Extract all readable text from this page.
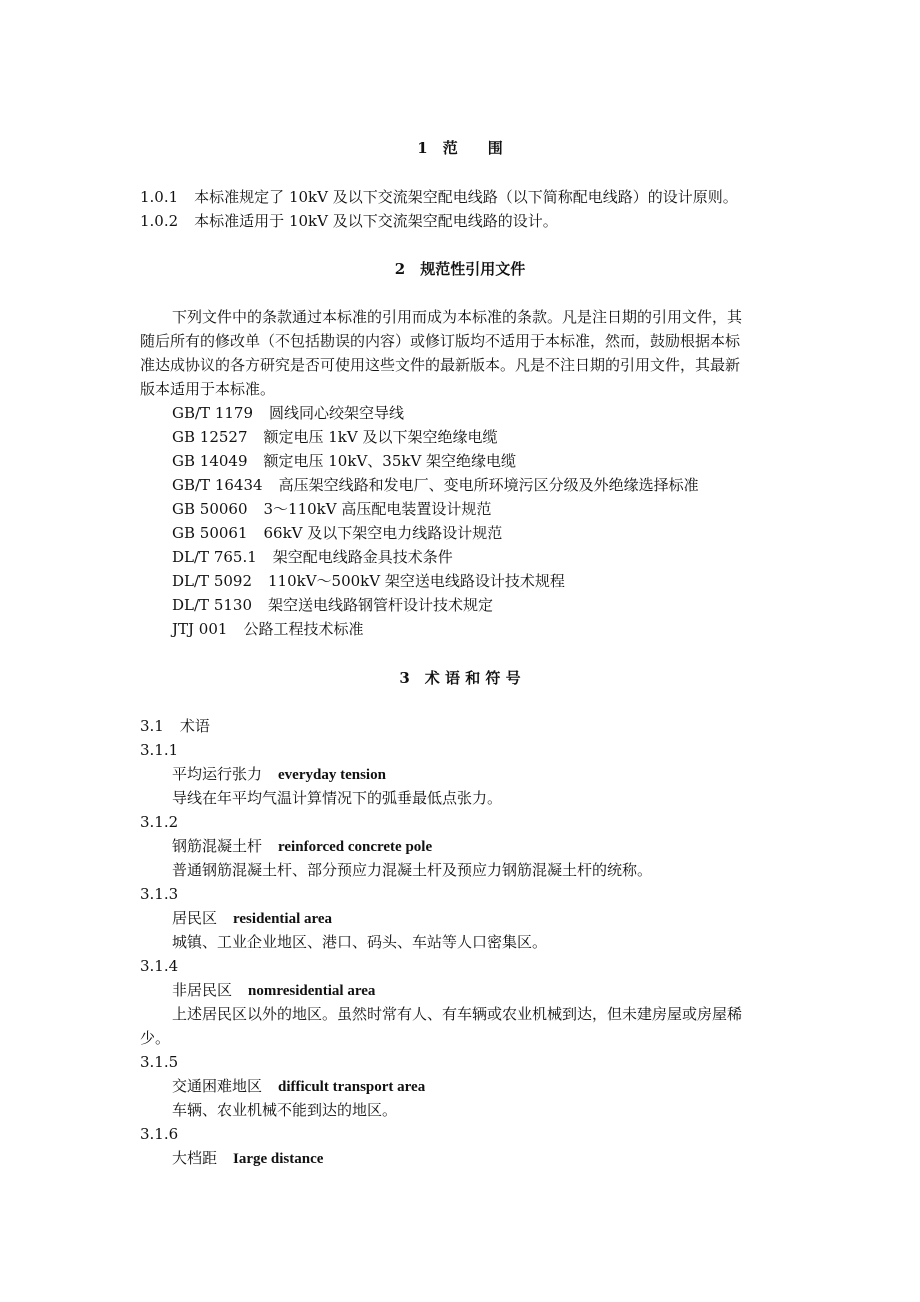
1　范　　围
1.0.1 本标准规定了 10kV 及以下交流架空配电线路（以下简称配电线路）的设计原则。
1.0.2 本标准适用于 10kV 及以下交流架空配电线路的设计。
2　规范性引用文件
下列文件中的条款通过本标准的引用而成为本标准的条款。凡是注日期的引用文件，其
随后所有的修改单（不包括勘误的内容）或修订版均不适用于本标准，然而，鼓励根据本标
准达成协议的各方研究是否可使用这些文件的最新版本。凡是不注日期的引用文件，其最新
版本适用于本标准。
GB/T 1179 圆线同心绞架空导线
GB 12527 额定电压 1kV 及以下架空绝缘电缆
GB 14049 额定电压 10kV、35kV 架空绝缘电缆
GB/T 16434 高压架空线路和发电厂、变电所环境污区分级及外绝缘选择标准
GB 50060 3～110kV 高压配电装置设计规范
GB 50061 66kV 及以下架空电力线路设计规范
DL/T 765.1 架空配电线路金具技术条件
DL/T 5092 110kV～500kV 架空送电线路设计技术规程
DL/T 5130 架空送电线路钢管杆设计技术规定
JTJ 001 公路工程技术标准
3　术 语 和 符 号
3.1 术语
3.1.1
平均运行张力 everyday tension
导线在年平均气温计算情况下的弧垂最低点张力。
3.1.2
钢筋混凝土杆 reinforced concrete pole
普通钢筋混凝土杆、部分预应力混凝土杆及预应力钢筋混凝土杆的统称。
3.1.3
居民区 residential area
城镇、工业企业地区、港口、码头、车站等人口密集区。
3.1.4
非居民区 nomresidential area
上述居民区以外的地区。虽然时常有人、有车辆或农业机械到达，但未建房屋或房屋稀
少。
3.1.5
交通困难地区 difficult transport area
车辆、农业机械不能到达的地区。
3.1.6
大档距 Iarge distance
